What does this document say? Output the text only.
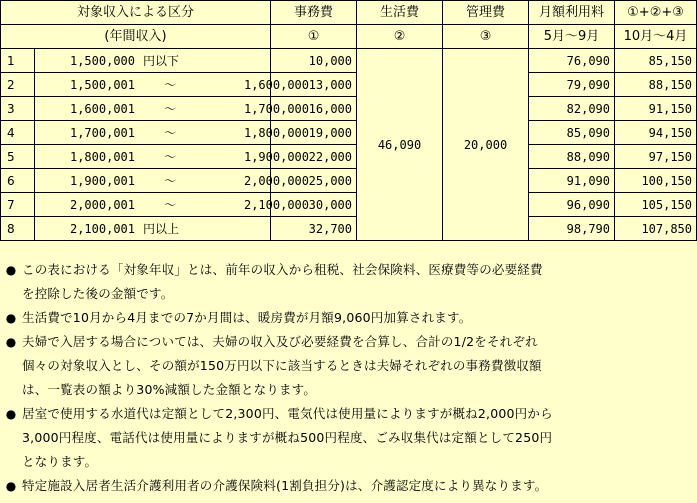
対象収入による区分		事務費	生活費	管理費	月額利用料	①+②+③
(年間収入)		①	②	③	5月～9月	10月～4月
1	1,500,000 円以下	10,000	46,090	20,000	76,090	85,150
2	1,500,001 ～ 1,600,000	13,000			79,090	88,150
3	1,600,001 ～ 1,700,000	16,000			82,090	91,150
4	1,700,001 ～ 1,800,000	19,000			85,090	94,150
5	1,800,001 ～ 1,900,000	22,000			88,090	97,150
6	1,900,001 ～ 2,000,000	25,000			91,090	100,150
7	2,000,001 ～ 2,100,000	30,000			96,090	105,150
8	2,100,001 円以上	32,700			98,790	107,850
● この表における「対象年収」とは、前年の収入から租税、社会保険料、医療費等の必要経費

を控除した後の金額です。

● 生活費で10月から4月までの7か月間は、暖房費が月額9,060円加算されます。

● 夫婦で入居する場合については、夫婦の収入及び必要経費を合算し、合計の1/2をそれぞれ

個々の対象収入とし、その額が150万円以下に該当するときは夫婦それぞれの事務費徴収額

は、一覧表の額より30%減額した金額となります。

● 居室で使用する水道代は定額として2,300円、電気代は使用量によりますが概ね2,000円から

3,000円程度、電話代は使用量によりますが概ね500円程度、ごみ収集代は定額として250円

となります。

● 特定施設入居者生活介護利用者の介護保険料(1割負担分)は、介護認定度により異なります。
